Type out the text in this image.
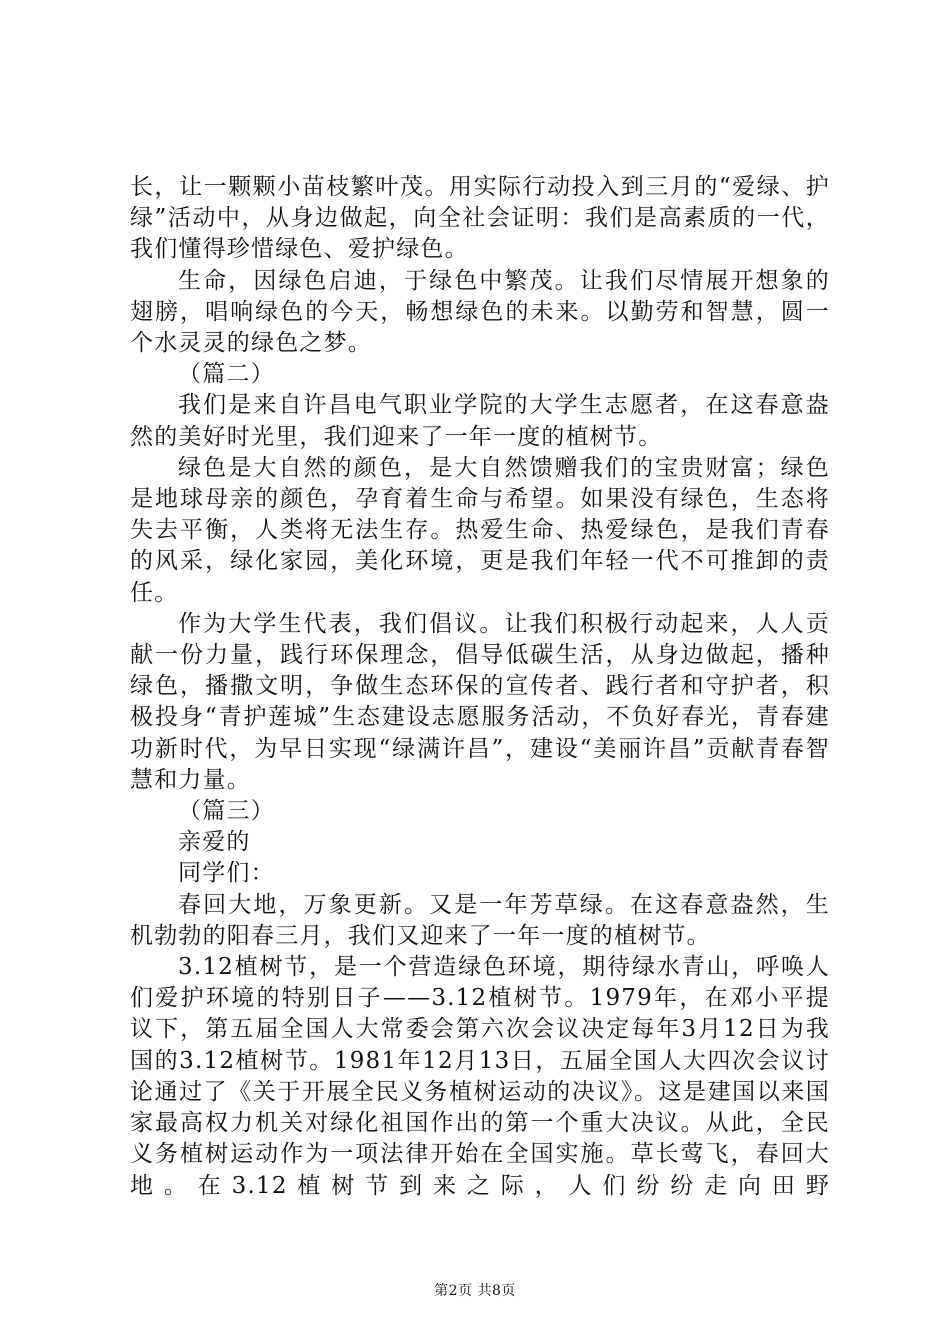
长，让一颗颗小苗枝繁叶茂。用实际行动投入到三月的“爱绿、护绿”活动中，从身边做起，向全社会证明：我们是高素质的一代，我们懂得珍惜绿色、爱护绿色。

生命，因绿色启迪，于绿色中繁茂。让我们尽情展开想象的翅膀，唱响绿色的今天，畅想绿色的未来。以勤劳和智慧，圆一个水灵灵的绿色之梦。

（篇二）

我们是来自许昌电气职业学院的大学生志愿者，在这春意盎然的美好时光里，我们迎来了一年一度的植树节。

绿色是大自然的颜色，是大自然馈赠我们的宝贵财富；绿色是地球母亲的颜色，孕育着生命与希望。如果没有绿色，生态将失去平衡，人类将无法生存。热爱生命、热爱绿色，是我们青春的风采，绿化家园，美化环境，更是我们年轻一代不可推卸的责任。

作为大学生代表，我们倡议。让我们积极行动起来，人人贡献一份力量，践行环保理念，倡导低碳生活，从身边做起，播种绿色，播撒文明，争做生态环保的宣传者、践行者和守护者，积极投身“青护莲城”生态建设志愿服务活动，不负好春光，青春建功新时代，为早日实现“绿满许昌”，建设“美丽许昌”贡献青春智慧和力量。

（篇三）

亲爱的

同学们：

春回大地，万象更新。又是一年芳草绿。在这春意盎然，生机勃勃的阳春三月，我们又迎来了一年一度的植树节。

3.12植树节，是一个营造绿色环境，期待绿水青山，呼唤人们爱护环境的特别日子——3.12植树节。1979年，在邓小平提议下，第五届全国人大常委会第六次会议决定每年3月12日为我国的3.12植树节。1981年12月13日，五届全国人大四次会议讨论通过了《关于开展全民义务植树运动的决议》。这是建国以来国家最高权力机关对绿化祖国作出的第一个重大决议。从此，全民义务植树运动作为一项法律开始在全国实施。草长莺飞，春回大地。在3.12植树节到来之际，人们纷纷走向田野

第2页 共8页
